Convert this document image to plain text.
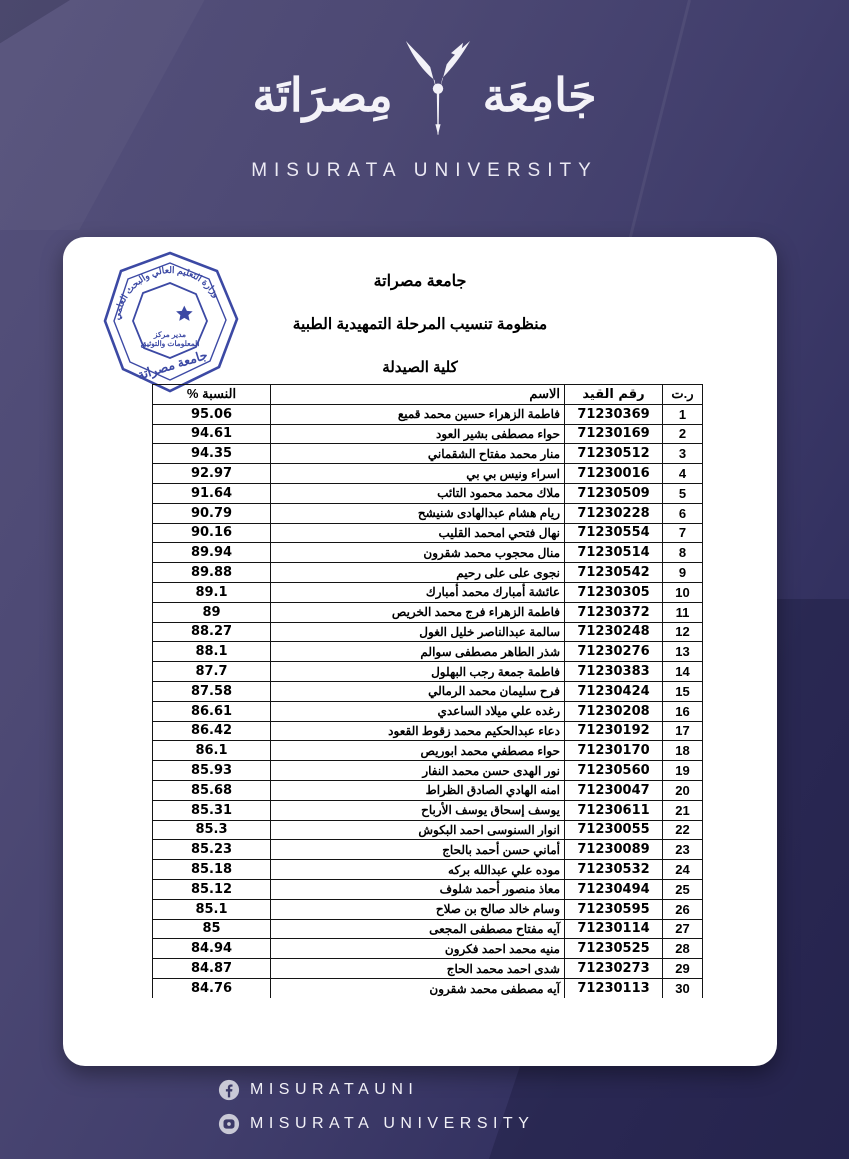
جَامِعَة
مِصرَاتَة
MISURATA UNIVERSITY
مدير مركز
المعلومات والتوثيق
وزارة التعليم العالي والبحث العلمي
جامعة مصراتة
جامعة مصراتة
منظومة تنسيب المرحلة التمهيدية الطبية
كلية الصيدلة
ر.ت	رقم القيد	الاسم	النسبة %
1	71230369	فاطمة الزهراء حسين محمد قميع	95.06
2	71230169	حواء مصطفى بشير العود	94.61
3	71230512	منار محمد مفتاح الشقماني	94.35
4	71230016	اسراء ونيس بي بي	92.97
5	71230509	ملاك محمد محمود التائب	91.64
6	71230228	ريام هشام عبدالهادى شنيشح	90.79
7	71230554	نهال فتحي امحمد القليب	90.16
8	71230514	منال محجوب محمد شقرون	89.94
9	71230542	نجوى على على رحيم	89.88
10	71230305	عائشة أمبارك محمد أمبارك	89.1
11	71230372	فاطمة الزهراء فرج محمد الخريص	89
12	71230248	سالمة عبدالناصر خليل الغول	88.27
13	71230276	شذر الطاهر مصطفى سوالم	88.1
14	71230383	فاطمة جمعة رجب البهلول	87.7
15	71230424	فرح سليمان محمد الرمالي	87.58
16	71230208	رغده علي ميلاد الساعدي	86.61
17	71230192	دعاء عبدالحكيم محمد زقوط القعود	86.42
18	71230170	حواء مصطفي محمد ابوريص	86.1
19	71230560	نور الهدى حسن محمد النفار	85.93
20	71230047	امنه الهادي الصادق الظراط	85.68
21	71230611	يوسف إسحاق يوسف الأرباح	85.31
22	71230055	انوار السنوسى احمد البكوش	85.3
23	71230089	أماني حسن أحمد بالحاج	85.23
24	71230532	موده علي عبدالله بركه	85.18
25	71230494	معاذ منصور أحمد شلوف	85.12
26	71230595	وسام خالد صالح بن صلاح	85.1
27	71230114	آيه مفتاح مصطفى المجعى	85
28	71230525	منيه محمد احمد فكرون	84.94
29	71230273	شدى احمد محمد الحاج	84.87
30	71230113	آيه مصطفى محمد شقرون	84.76
MISURATAUNI
MISURATA UNIVERSITY
